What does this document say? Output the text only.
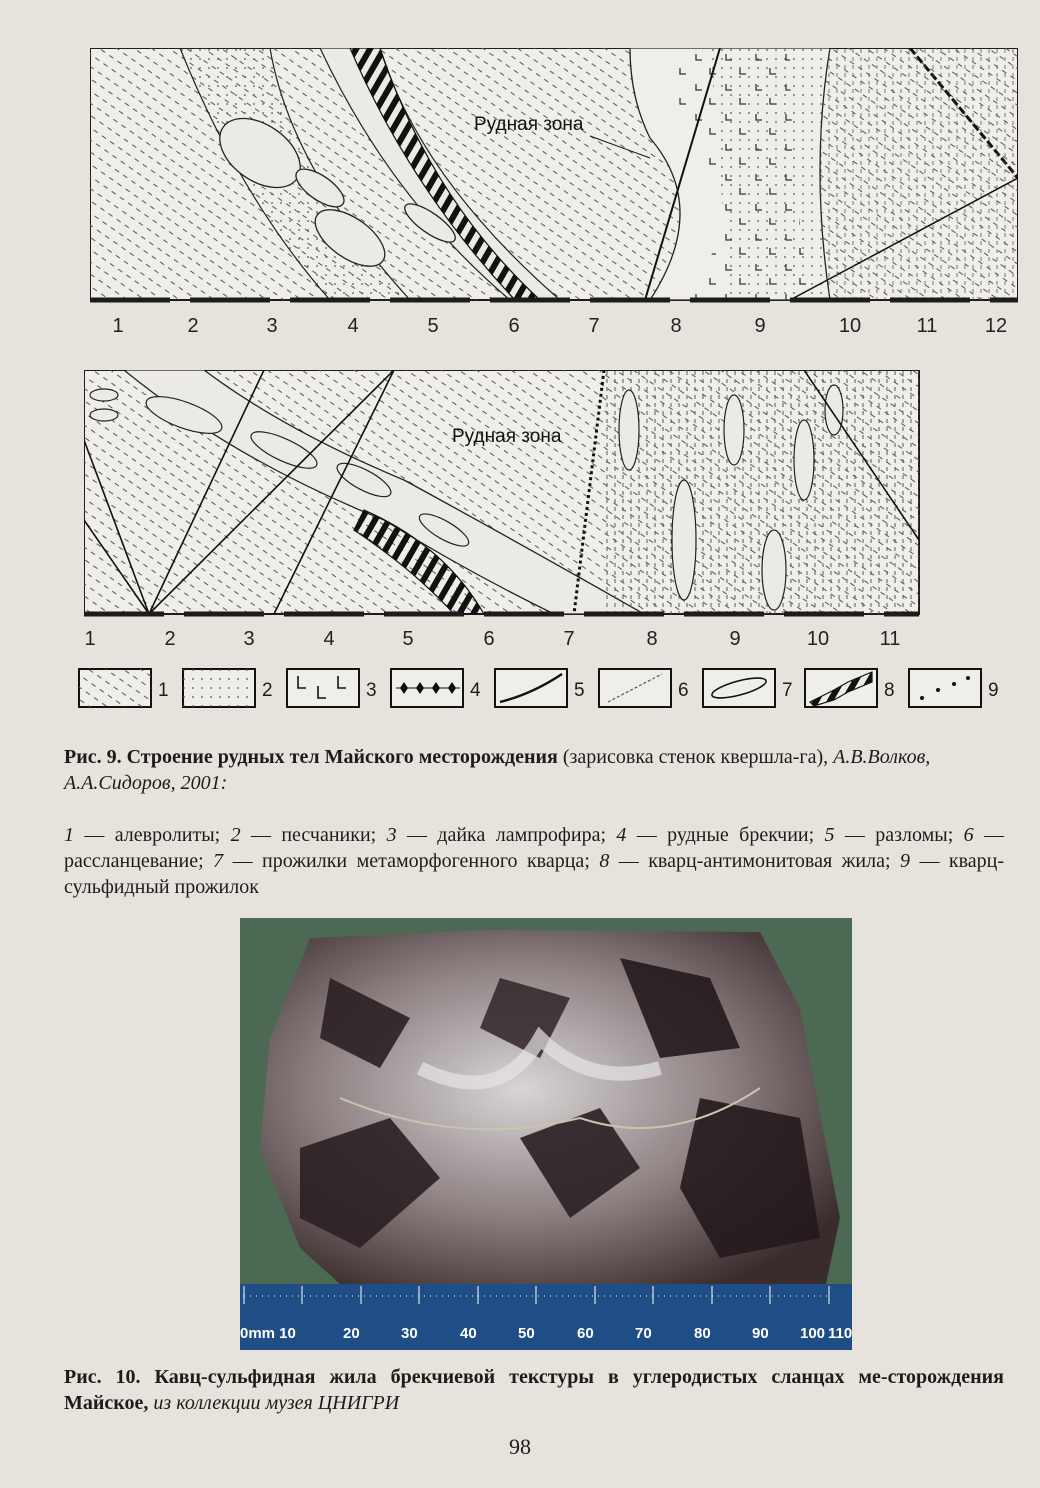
Рудная зона
1	2	3	4	5	6	7	8	9	10	11 12
Рудная зона
1	2	3	4	5	6	7	8	9	10	11
1	2	3	4	5	6	7	8	9
Рис. 9. Строение рудных тел Майского месторождения (зарисовка стенок квершла-га), А.В.Волков, А.А.Сидоров, 2001:
1 — алевролиты; 2 — песчаники; 3 — дайка лампрофира; 4 — рудные брекчии; 5 — разломы; 6 — рассланцевание; 7 — прожилки метаморфогенного кварца; 8 — кварц-антимонитовая жила; 9 — кварц-сульфидный прожилок
0mm 10	20	30	40	50	60	70	80	90 100 110
Рис. 10. Кавц-сульфидная жила брекчиевой текстуры в углеродистых сланцах ме-сторождения Майское, из коллекции музея ЦНИГРИ
98
